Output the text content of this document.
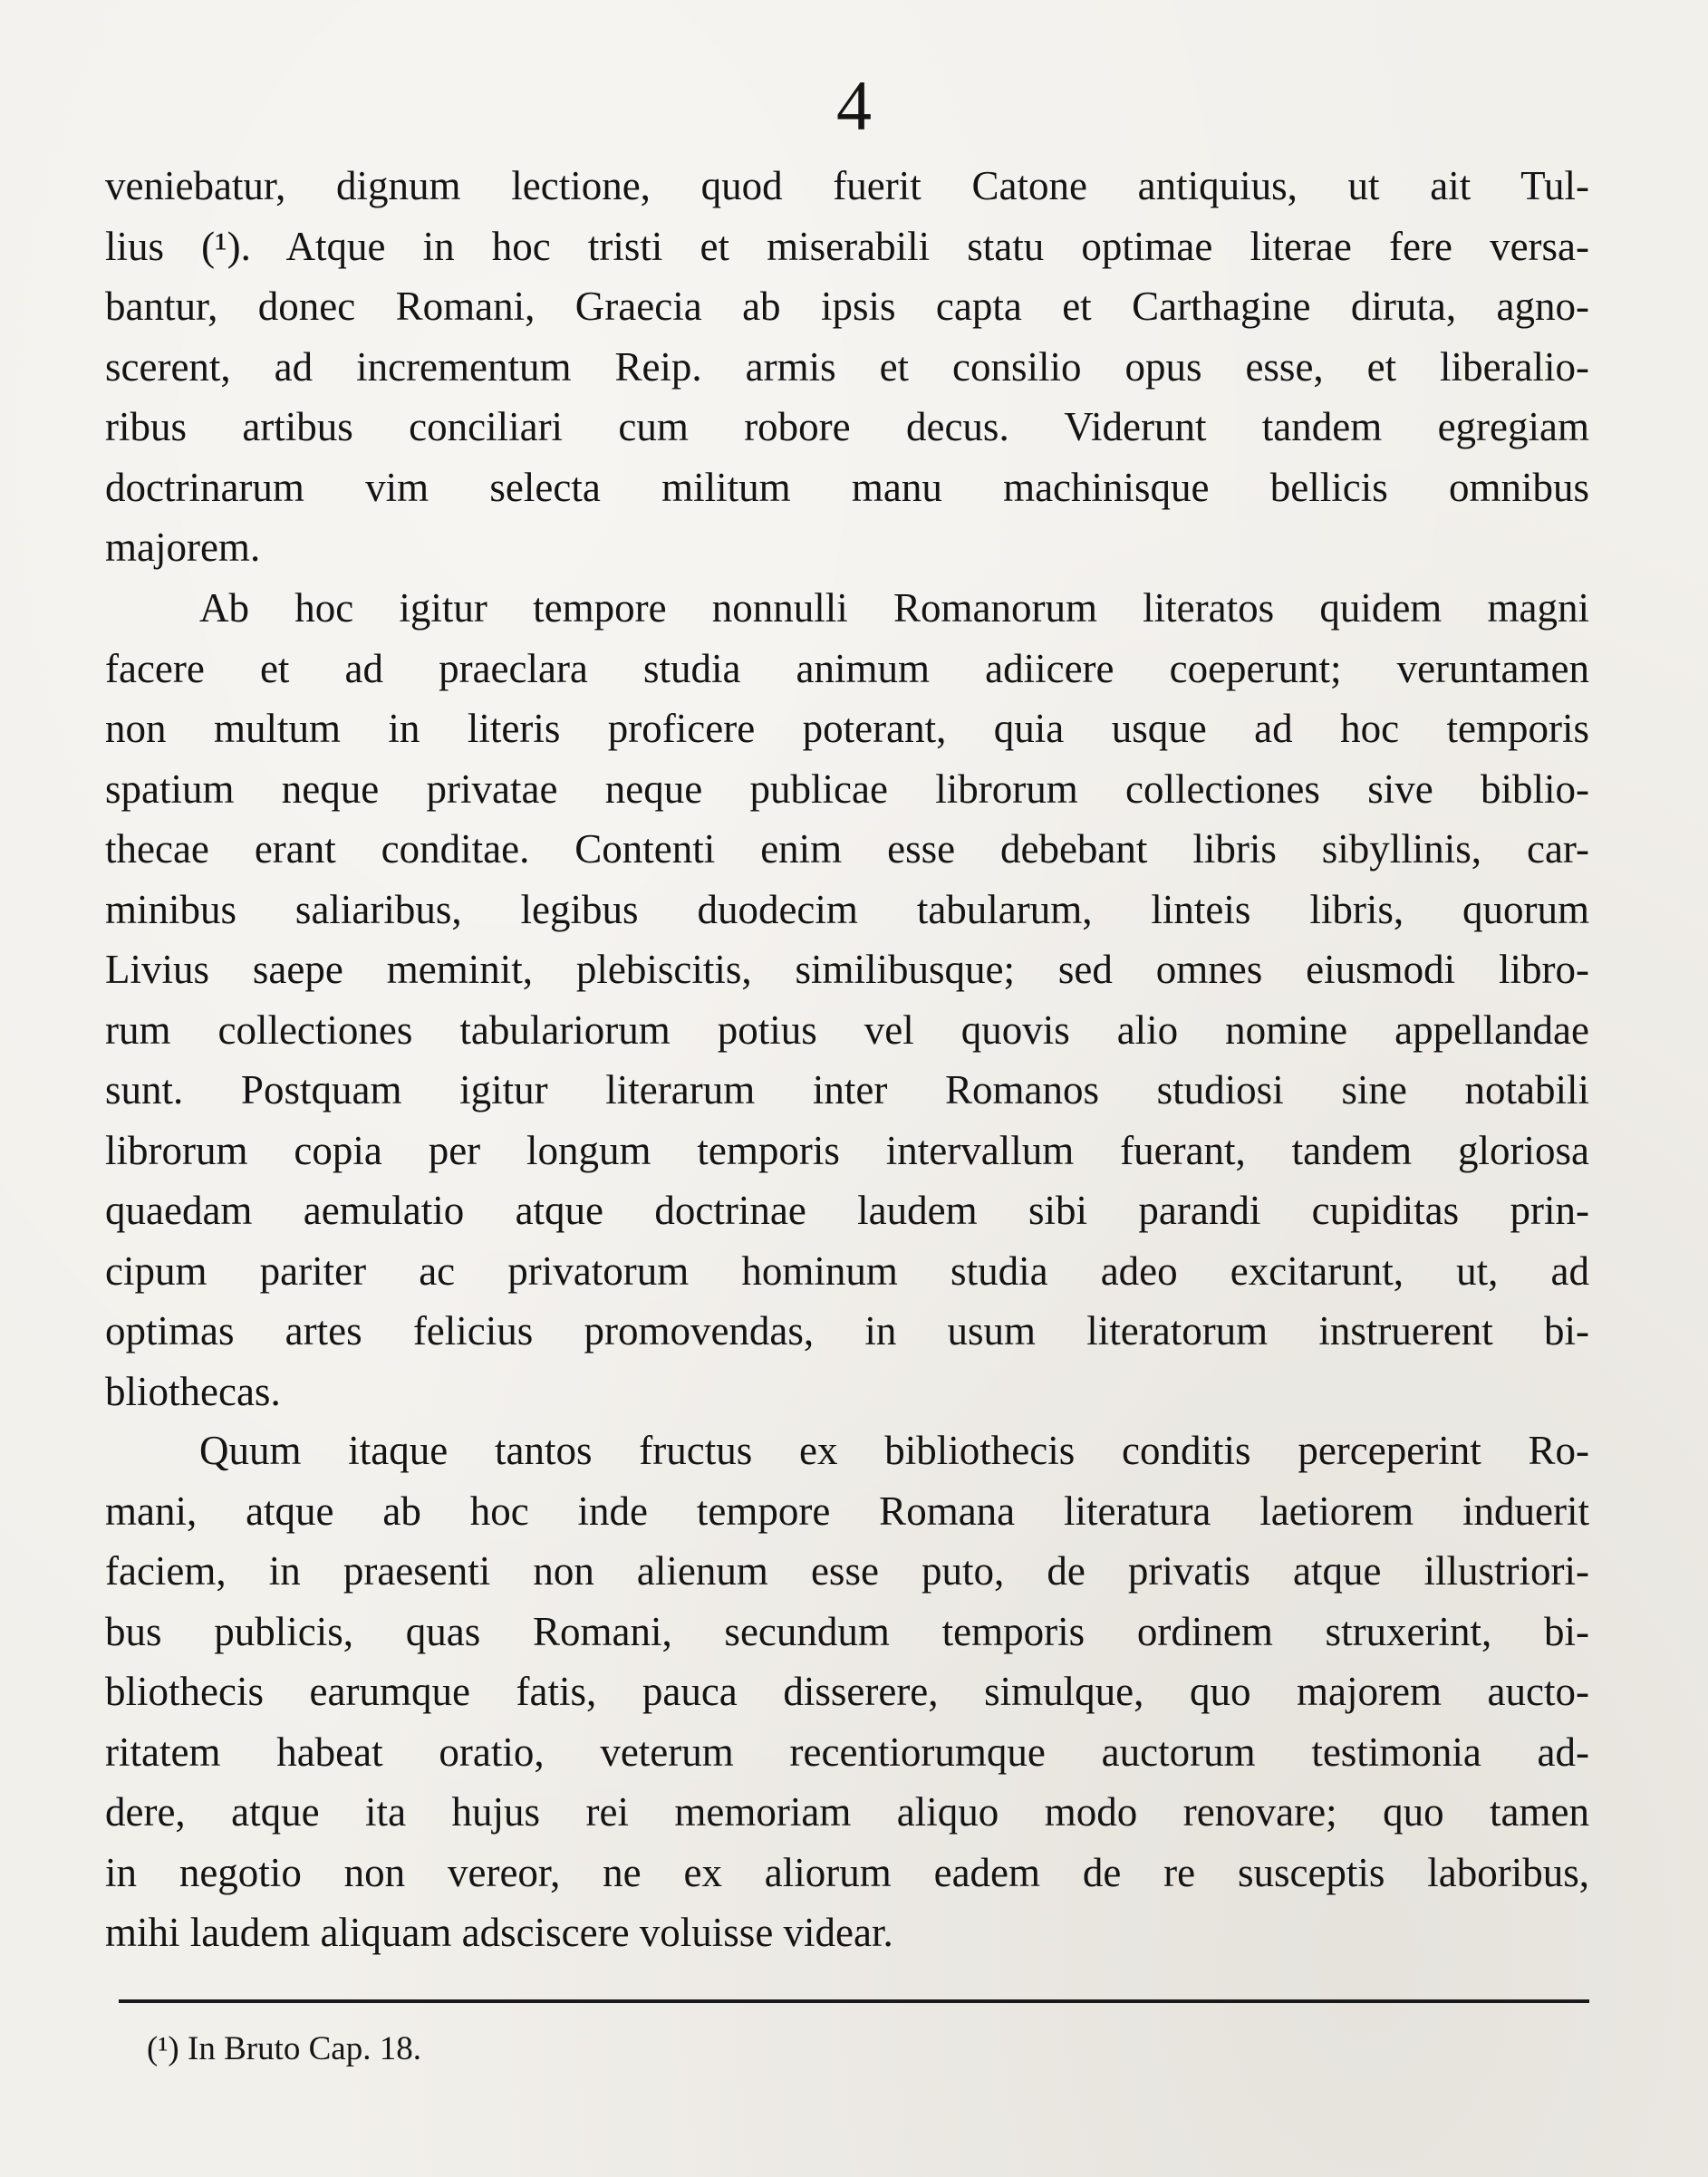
4
veniebatur, dignum lectione, quod fuerit Catone antiquius, ut ait Tul-
lius (¹). Atque in hoc tristi et miserabili statu optimae literae fere versa-
bantur, donec Romani, Graecia ab ipsis capta et Carthagine diruta, agno-
scerent, ad incrementum Reip. armis et consilio opus esse, et liberalio-
ribus artibus conciliari cum robore decus. Viderunt tandem egregiam
doctrinarum vim selecta militum manu machinisque bellicis omnibus
majorem.
Ab hoc igitur tempore nonnulli Romanorum literatos quidem magni
facere et ad praeclara studia animum adiicere coeperunt; veruntamen
non multum in literis proficere poterant, quia usque ad hoc temporis
spatium neque privatae neque publicae librorum collectiones sive biblio-
thecae erant conditae. Contenti enim esse debebant libris sibyllinis, car-
minibus saliaribus, legibus duodecim tabularum, linteis libris, quorum
Livius saepe meminit, plebiscitis, similibusque; sed omnes eiusmodi libro-
rum collectiones tabulariorum potius vel quovis alio nomine appellandae
sunt. Postquam igitur literarum inter Romanos studiosi sine notabili
librorum copia per longum temporis intervallum fuerant, tandem gloriosa
quaedam aemulatio atque doctrinae laudem sibi parandi cupiditas prin-
cipum pariter ac privatorum hominum studia adeo excitarunt, ut, ad
optimas artes felicius promovendas, in usum literatorum instruerent bi-
bliothecas.
Quum itaque tantos fructus ex bibliothecis conditis perceperint Ro-
mani, atque ab hoc inde tempore Romana literatura laetiorem induerit
faciem, in praesenti non alienum esse puto, de privatis atque illustriori-
bus publicis, quas Romani, secundum temporis ordinem struxerint, bi-
bliothecis earumque fatis, pauca disserere, simulque, quo majorem aucto-
ritatem habeat oratio, veterum recentiorumque auctorum testimonia ad-
dere, atque ita hujus rei memoriam aliquo modo renovare; quo tamen
in negotio non vereor, ne ex aliorum eadem de re susceptis laboribus,
mihi laudem aliquam adsciscere voluisse videar.
(¹) In Bruto Cap. 18.
